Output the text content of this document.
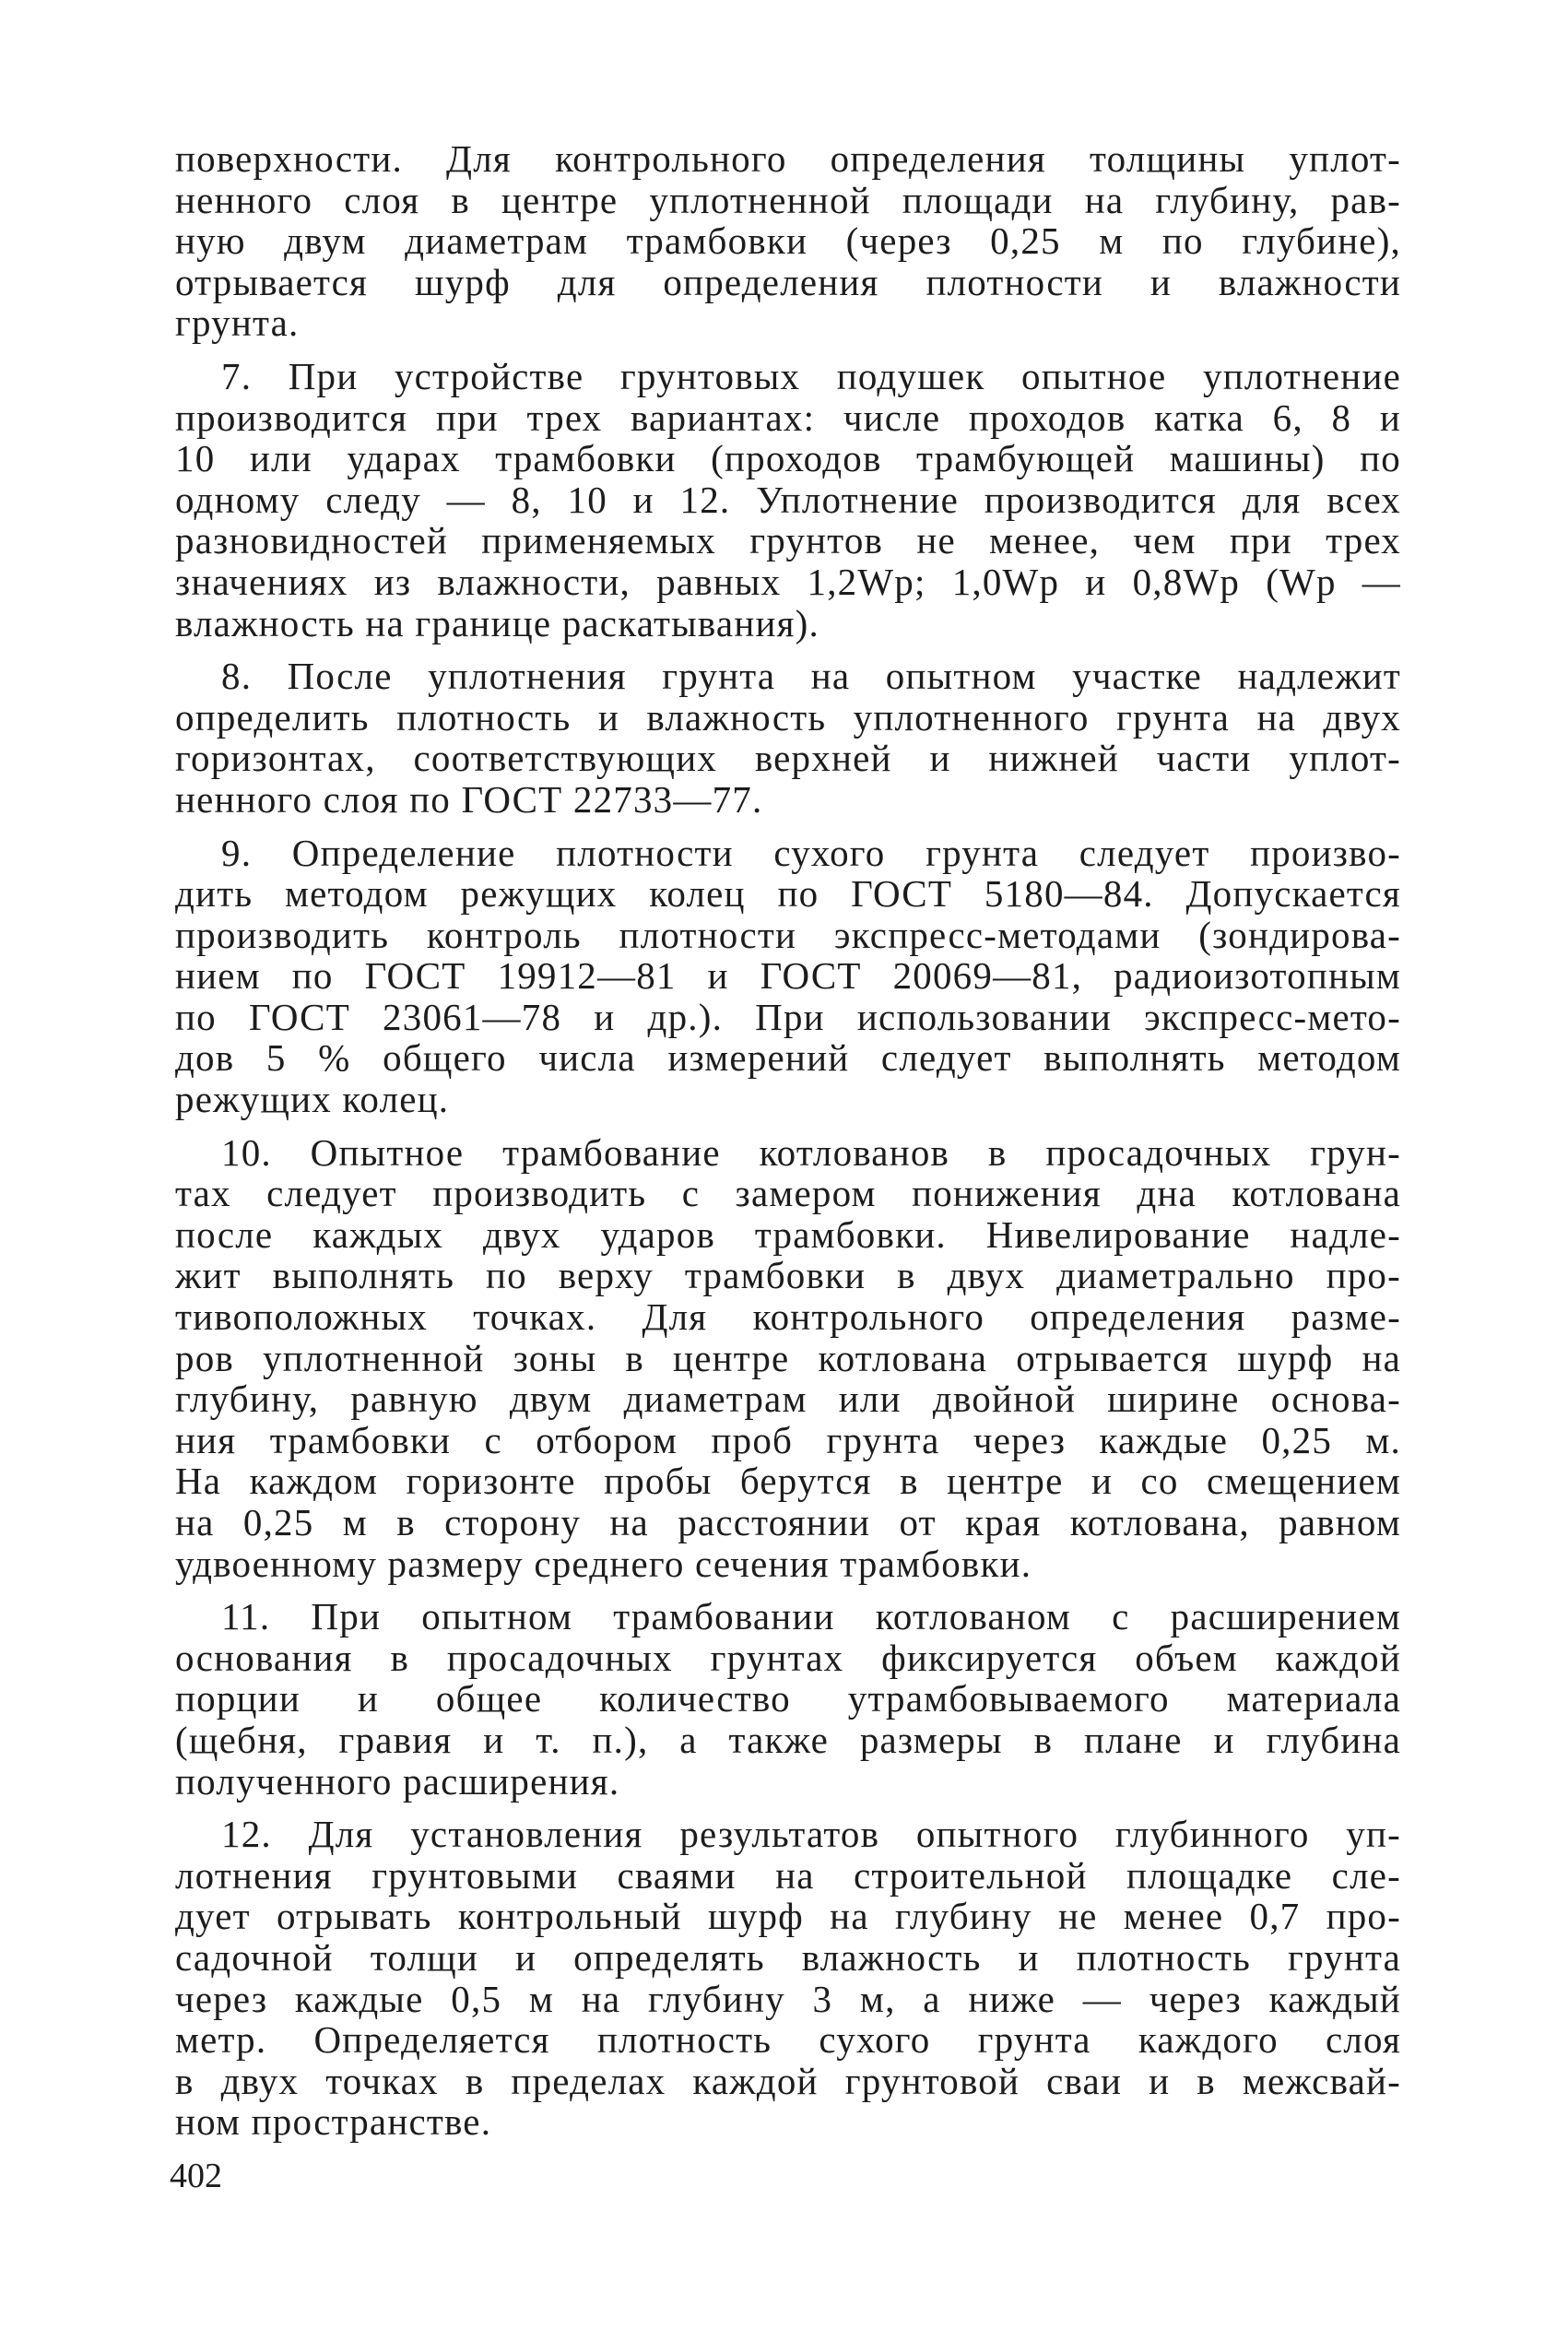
поверхности. Для контрольного определения толщины уплот-
ненного слоя в центре уплотненной площади на глубину, рав-
ную двум диаметрам трамбовки (через 0,25 м по глубине),
отрывается шурф для определения плотности и влажности
грунта.
7. При устройстве грунтовых подушек опытное уплотнение
производится при трех вариантах: числе проходов катка 6, 8 и
10 или ударах трамбовки (проходов трамбующей машины) по
одному следу — 8, 10 и 12. Уплотнение производится для всех
разновидностей применяемых грунтов не менее, чем при трех
значениях из влажности, равных 1,2Wр; 1,0Wр и 0,8Wр (Wр —
влажность на границе раскатывания).
8. После уплотнения грунта на опытном участке надлежит
определить плотность и влажность уплотненного грунта на двух
горизонтах, соответствующих верхней и нижней части уплот-
ненного слоя по ГОСТ 22733—77.
9. Определение плотности сухого грунта следует произво-
дить методом режущих колец по ГОСТ 5180—84. Допускается
производить контроль плотности экспресс-методами (зондирова-
нием по ГОСТ 19912—81 и ГОСТ 20069—81, радиоизотопным
по ГОСТ 23061—78 и др.). При использовании экспресс-мето-
дов 5 % общего числа измерений следует выполнять методом
режущих колец.
10. Опытное трамбование котлованов в просадочных грун-
тах следует производить с замером понижения дна котлована
после каждых двух ударов трамбовки. Нивелирование надле-
жит выполнять по верху трамбовки в двух диаметрально про-
тивоположных точках. Для контрольного определения разме-
ров уплотненной зоны в центре котлована отрывается шурф на
глубину, равную двум диаметрам или двойной ширине основа-
ния трамбовки с отбором проб грунта через каждые 0,25 м.
На каждом горизонте пробы берутся в центре и со смещением
на 0,25 м в сторону на расстоянии от края котлована, равном
удвоенному размеру среднего сечения трамбовки.
11. При опытном трамбовании котлованом с расширением
основания в просадочных грунтах фиксируется объем каждой
порции и общее количество утрамбовываемого материала
(щебня, гравия и т. п.), а также размеры в плане и глубина
полученного расширения.
12. Для установления результатов опытного глубинного уп-
лотнения грунтовыми сваями на строительной площадке сле-
дует отрывать контрольный шурф на глубину не менее 0,7 про-
садочной толщи и определять влажность и плотность грунта
через каждые 0,5 м на глубину 3 м, а ниже — через каждый
метр. Определяется плотность сухого грунта каждого слоя
в двух точках в пределах каждой грунтовой сваи и в межсвай-
ном пространстве.
402
